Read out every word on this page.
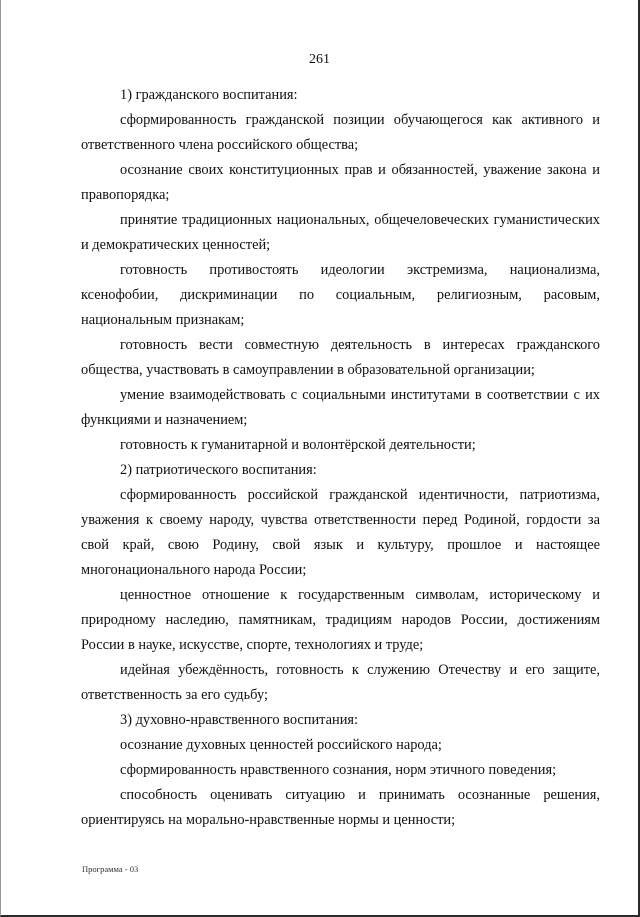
261

1) гражданского воспитания:

сформированность гражданской позиции обучающегося как активного и ответственного члена российского общества;

осознание своих конституционных прав и обязанностей, уважение закона и правопорядка;

принятие традиционных национальных, общечеловеческих гуманистических и демократических ценностей;

готовность противостоять идеологии экстремизма, национализма, ксенофобии, дискриминации по социальным, религиозным, расовым, национальным признакам;

готовность вести совместную деятельность в интересах гражданского общества, участвовать в самоуправлении в образовательной организации;

умение взаимодействовать с социальными институтами в соответствии с их функциями и назначением;

готовность к гуманитарной и волонтёрской деятельности;

2) патриотического воспитания:

сформированность российской гражданской идентичности, патриотизма, уважения к своему народу, чувства ответственности перед Родиной, гордости за свой край, свою Родину, свой язык и культуру, прошлое и настоящее многонационального народа России;

ценностное отношение к государственным символам, историческому и природному наследию, памятникам, традициям народов России, достижениям России в науке, искусстве, спорте, технологиях и труде;

идейная убеждённость, готовность к служению Отечеству и его защите, ответственность за его судьбу;

3) духовно-нравственного воспитания:

осознание духовных ценностей российского народа;

сформированность нравственного сознания, норм этичного поведения;

способность оценивать ситуацию и принимать осознанные решения, ориентируясь на морально-нравственные нормы и ценности;

Программа - 03
